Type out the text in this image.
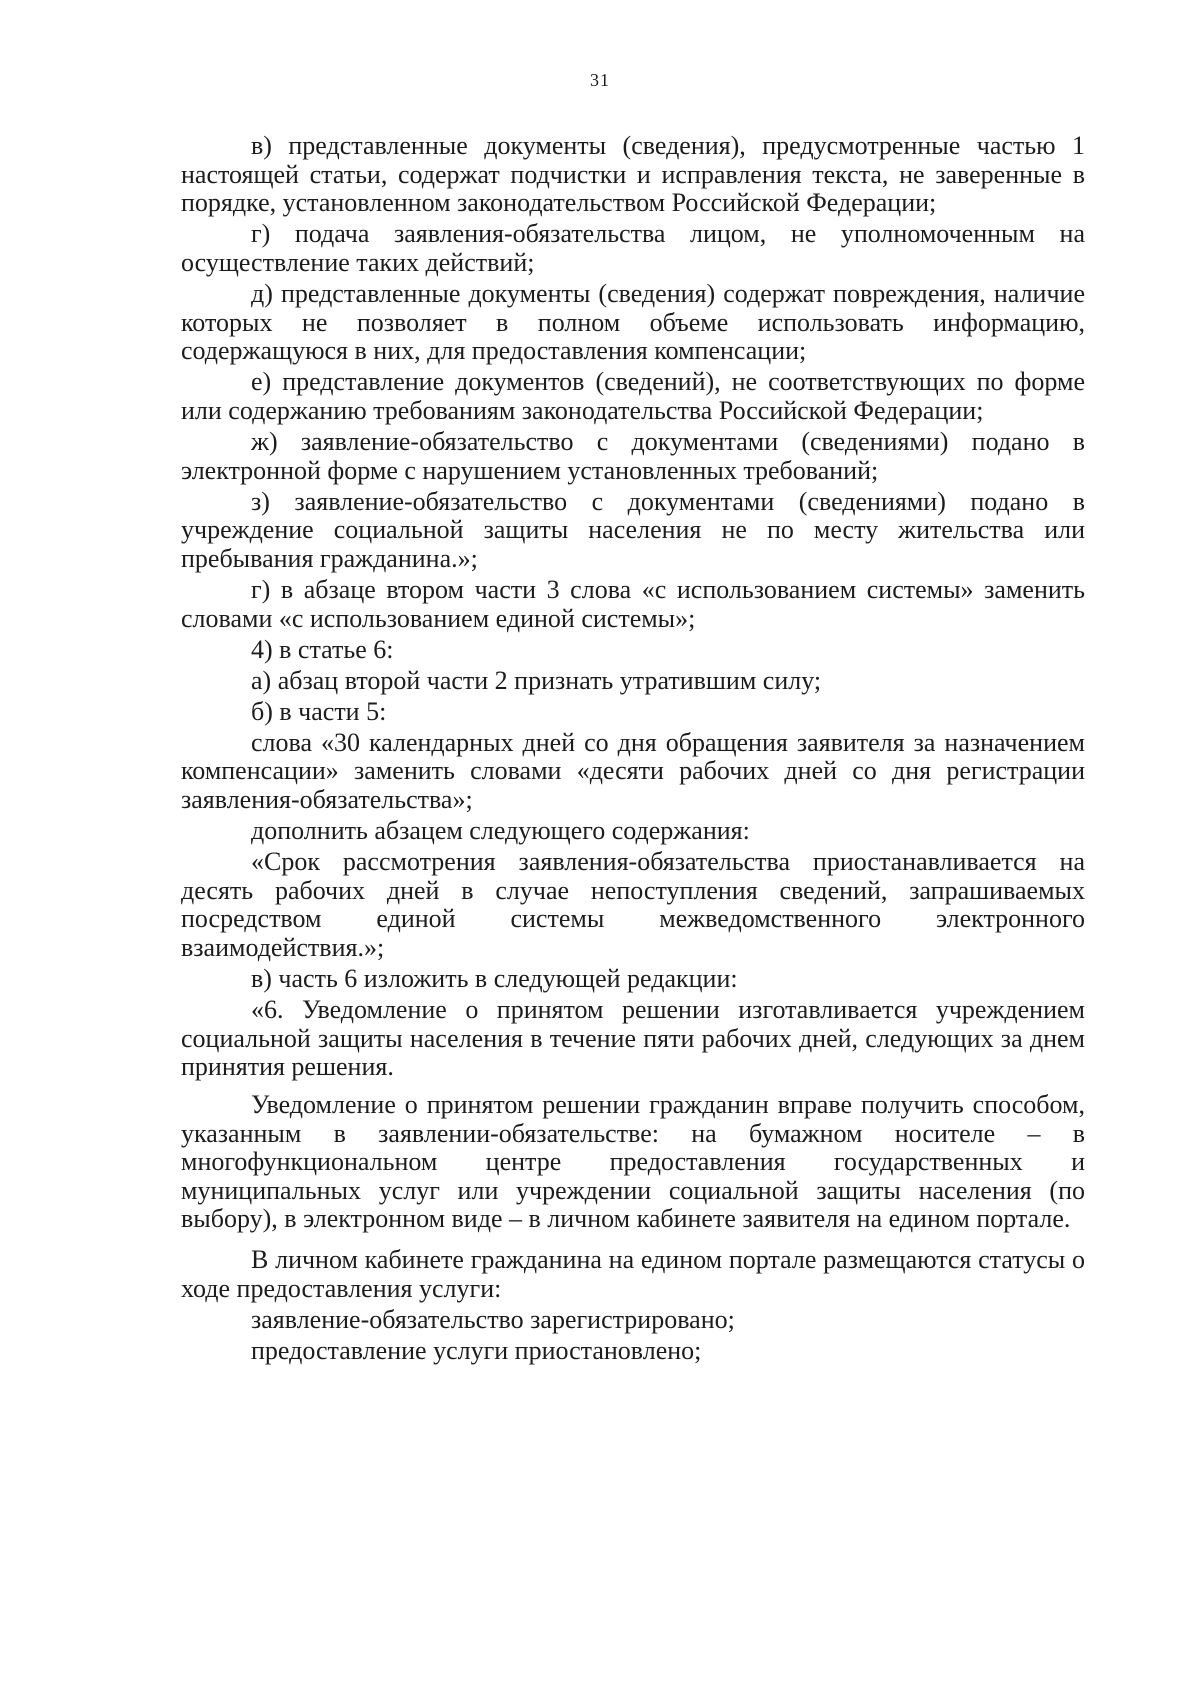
31

в) представленные документы (сведения), предусмотренные частью 1 настоящей статьи, содержат подчистки и исправления текста, не заверенные в порядке, установленном законодательством Российской Федерации;

г) подача заявления-обязательства лицом, не уполномоченным на осуществление таких действий;

д) представленные документы (сведения) содержат повреждения, наличие которых не позволяет в полном объеме использовать информацию, содержащуюся в них, для предоставления компенсации;

е) представление документов (сведений), не соответствующих по форме или содержанию требованиям законодательства Российской Федерации;

ж) заявление-обязательство с документами (сведениями) подано в электронной форме с нарушением установленных требований;

з) заявление-обязательство с документами (сведениями) подано в учреждение социальной защиты населения не по месту жительства или пребывания гражданина.»;

г) в абзаце втором части 3 слова «с использованием системы» заменить словами «с использованием единой системы»;

4) в статье 6:

а) абзац второй части 2 признать утратившим силу;

б) в части 5:

слова «30 календарных дней со дня обращения заявителя за назначением компенсации» заменить словами «десяти рабочих дней со дня регистрации заявления-обязательства»;

дополнить абзацем следующего содержания:

«Срок рассмотрения заявления-обязательства приостанавливается на десять рабочих дней в случае непоступления сведений, запрашиваемых посредством единой системы межведомственного электронного взаимодействия.»;

в) часть 6 изложить в следующей редакции:

«6. Уведомление о принятом решении изготавливается учреждением социальной защиты населения в течение пяти рабочих дней, следующих за днем принятия решения.

Уведомление о принятом решении гражданин вправе получить способом, указанным в заявлении-обязательстве: на бумажном носителе – в многофункциональном центре предоставления государственных и муниципальных услуг или учреждении социальной защиты населения (по выбору), в электронном виде – в личном кабинете заявителя на едином портале.

В личном кабинете гражданина на едином портале размещаются статусы о ходе предоставления услуги:

заявление-обязательство зарегистрировано;

предоставление услуги приостановлено;
